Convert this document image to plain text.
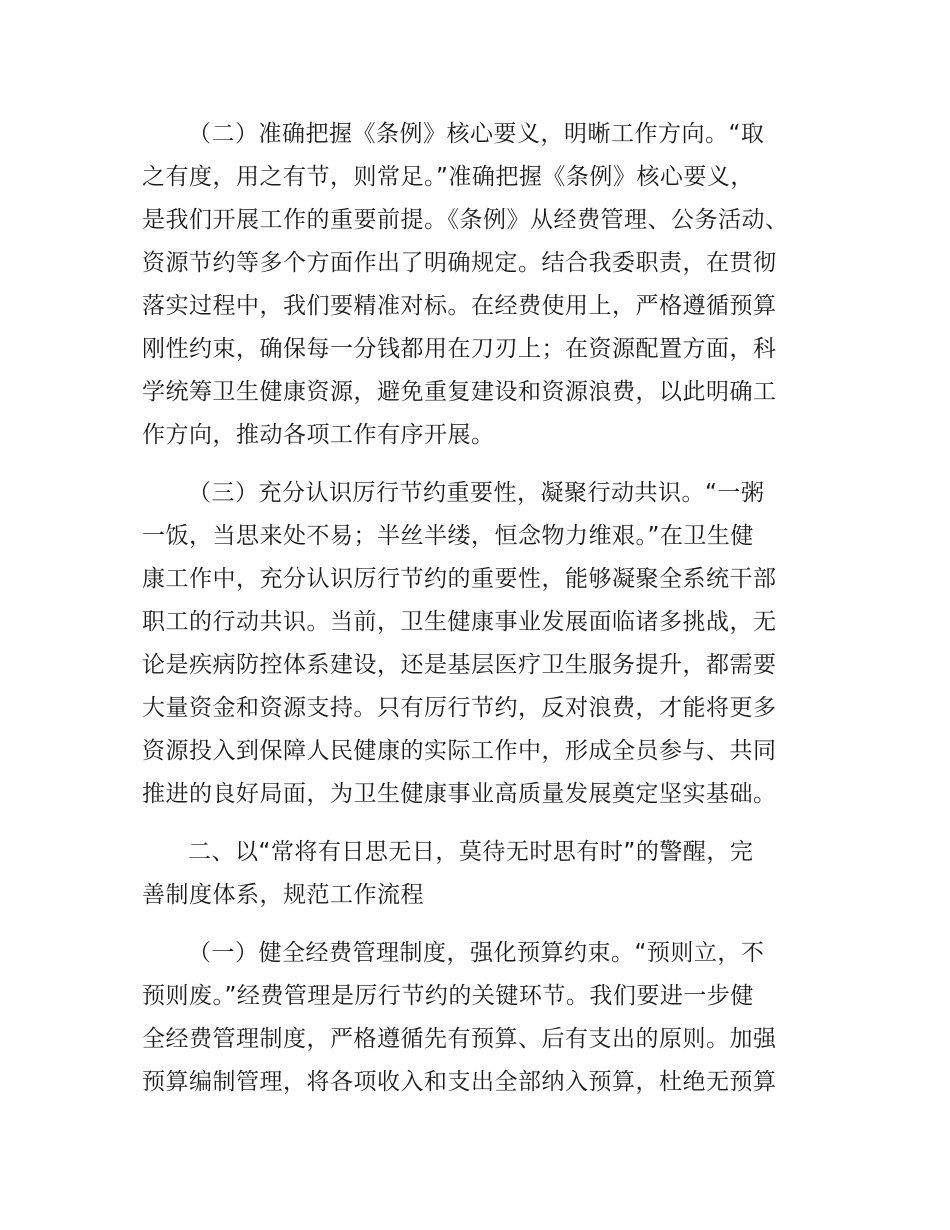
（二）准确把握《条例》核心要义，明晰工作方向。“取

之有度，用之有节，则常足。”准确把握《条例》核心要义，

是我们开展工作的重要前提。《条例》从经费管理、公务活动、

资源节约等多个方面作出了明确规定。结合我委职责，在贯彻

落实过程中，我们要精准对标。在经费使用上，严格遵循预算

刚性约束，确保每一分钱都用在刀刃上；在资源配置方面，科

学统筹卫生健康资源，避免重复建设和资源浪费，以此明确工

作方向，推动各项工作有序开展。

（三）充分认识厉行节约重要性，凝聚行动共识。“一粥

一饭，当思来处不易；半丝半缕，恒念物力维艰。”在卫生健

康工作中，充分认识厉行节约的重要性，能够凝聚全系统干部

职工的行动共识。当前，卫生健康事业发展面临诸多挑战，无

论是疾病防控体系建设，还是基层医疗卫生服务提升，都需要

大量资金和资源支持。只有厉行节约，反对浪费，才能将更多

资源投入到保障人民健康的实际工作中，形成全员参与、共同

推进的良好局面，为卫生健康事业高质量发展奠定坚实基础。

二、以“常将有日思无日，莫待无时思有时”的警醒，完

善制度体系，规范工作流程

（一）健全经费管理制度，强化预算约束。“预则立，不

预则废。”经费管理是厉行节约的关键环节。我们要进一步健

全经费管理制度，严格遵循先有预算、后有支出的原则。加强

预算编制管理，将各项收入和支出全部纳入预算，杜绝无预算
